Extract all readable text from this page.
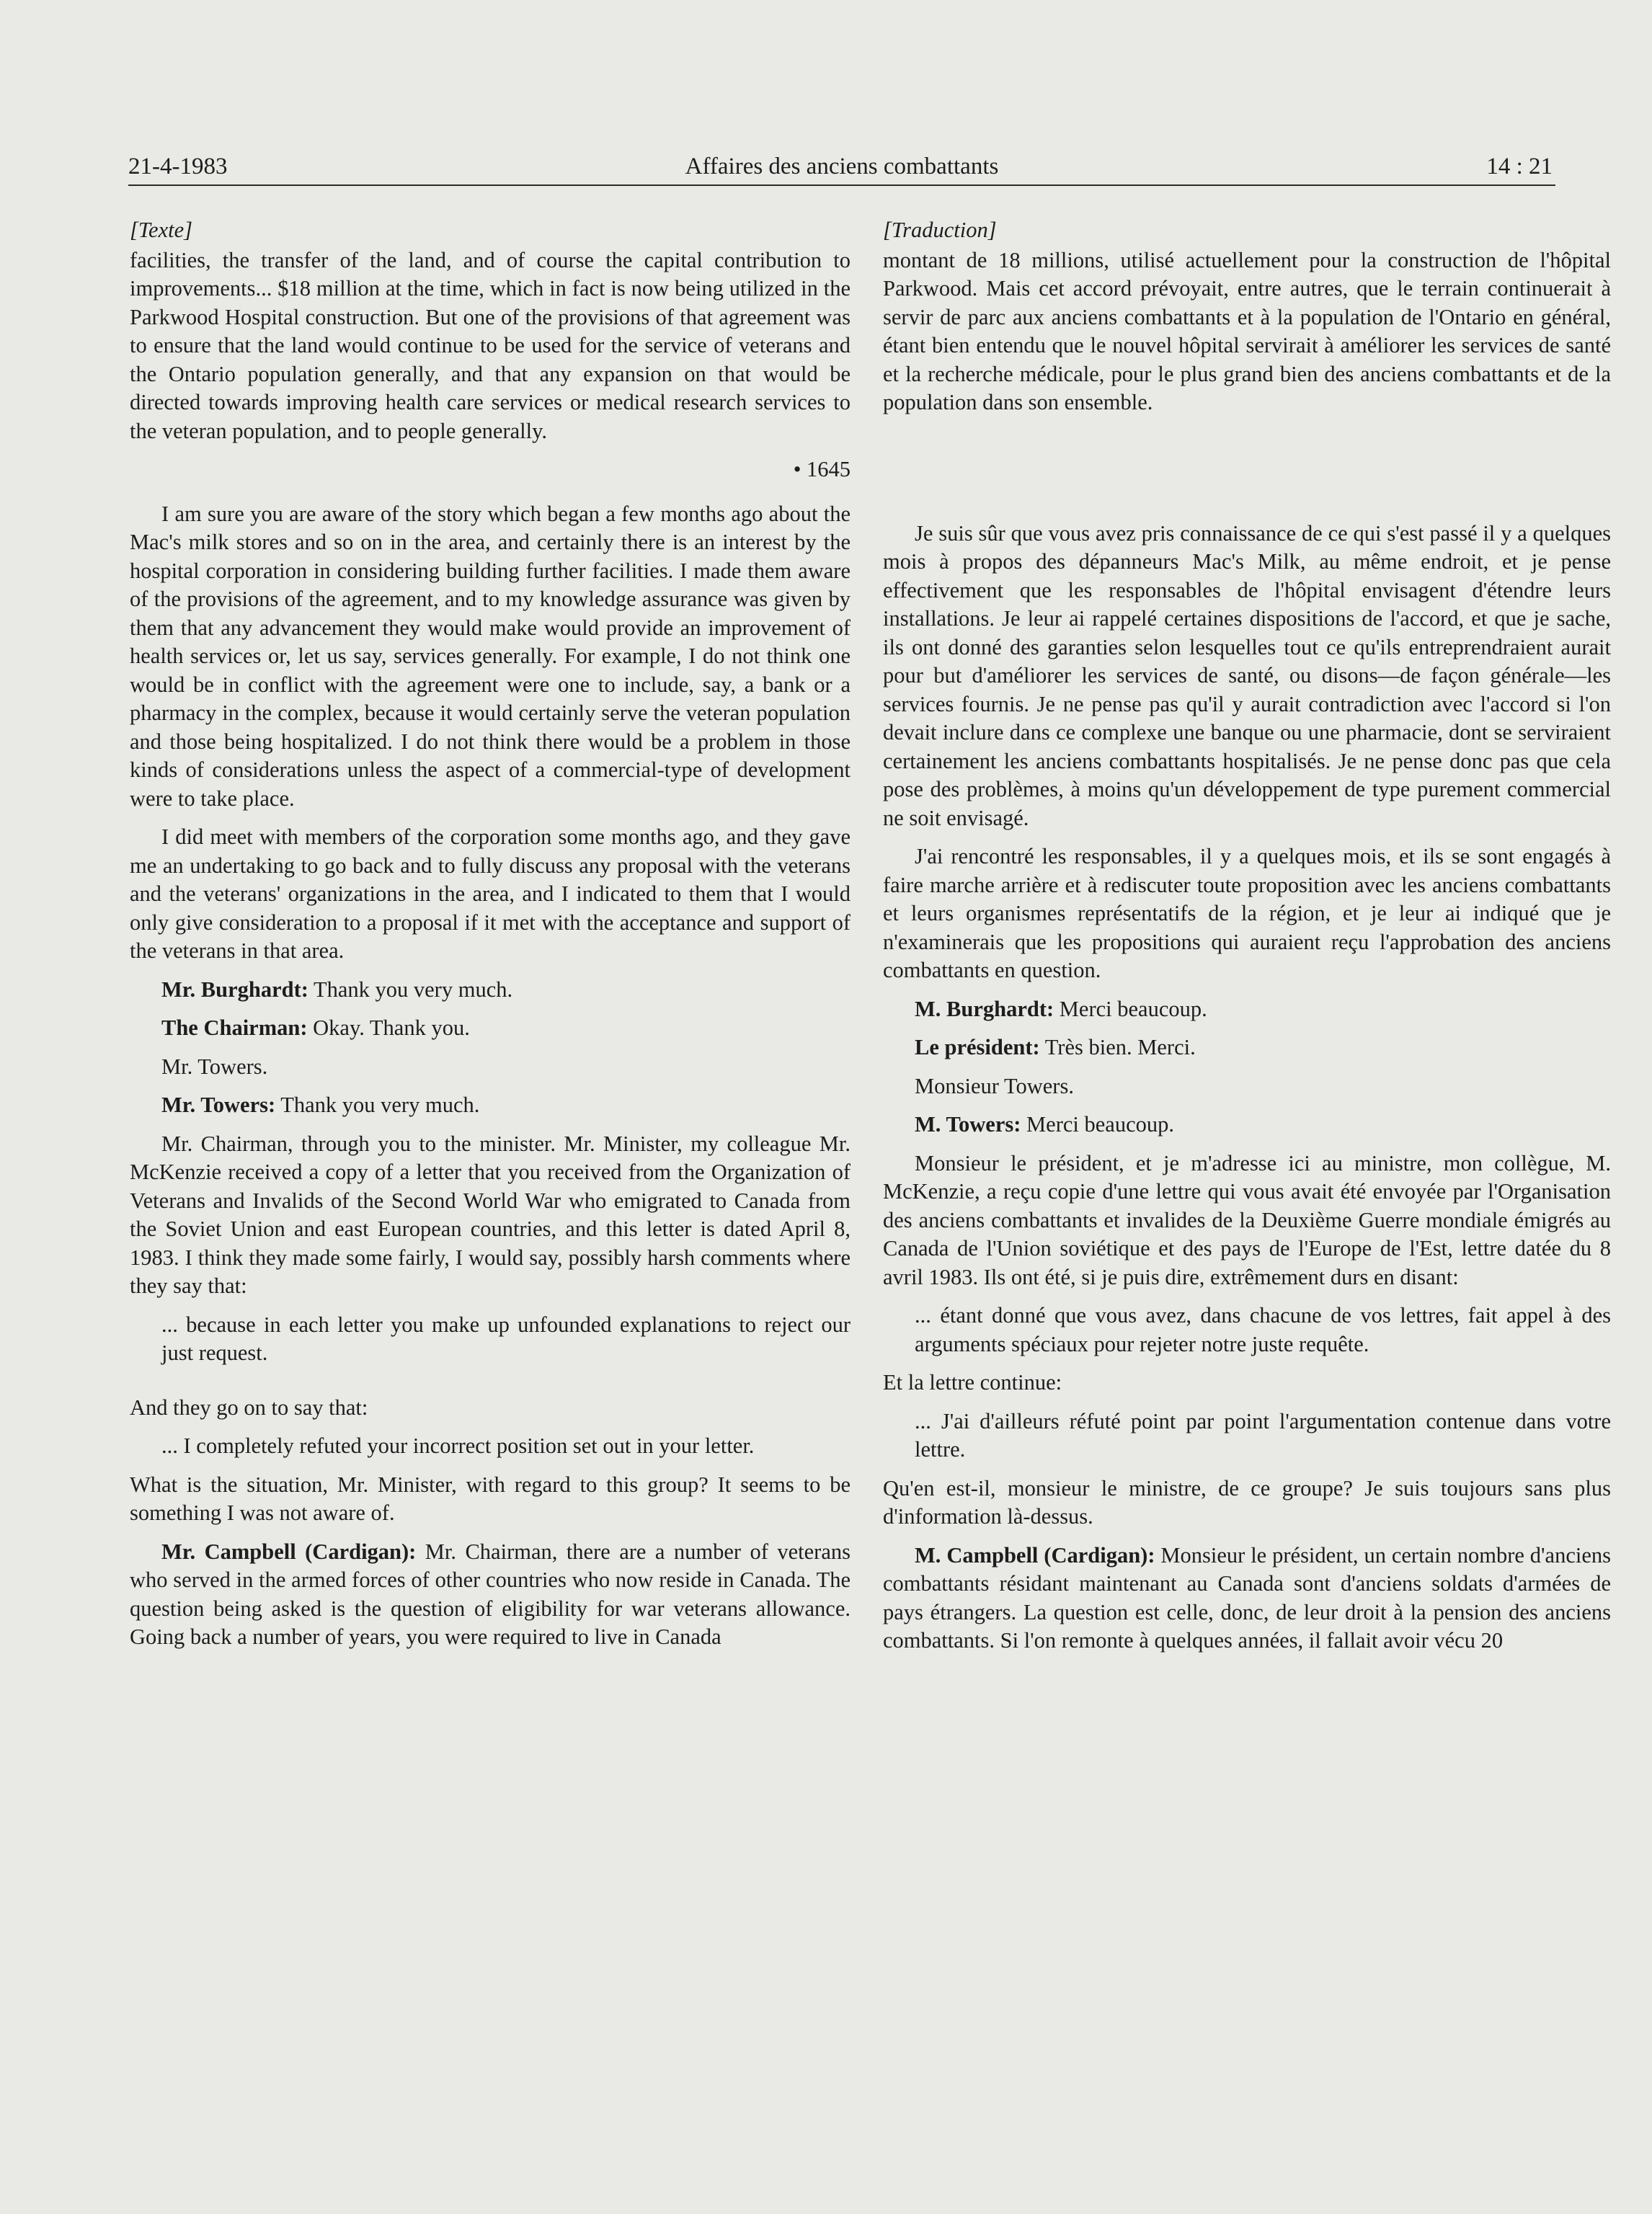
21-4-1983	Affaires des anciens combattants	14 : 21
[Texte]

facilities, the transfer of the land, and of course the capital contribution to improvements... $18 million at the time, which in fact is now being utilized in the Parkwood Hospital construction. But one of the provisions of that agreement was to ensure that the land would continue to be used for the service of veterans and the Ontario population generally, and that any expansion on that would be directed towards improving health care services or medical research services to the veteran population, and to people generally.

• 1645

I am sure you are aware of the story which began a few months ago about the Mac's milk stores and so on in the area, and certainly there is an interest by the hospital corporation in considering building further facilities. I made them aware of the provisions of the agreement, and to my knowledge assurance was given by them that any advancement they would make would provide an improvement of health services or, let us say, services generally. For example, I do not think one would be in conflict with the agreement were one to include, say, a bank or a pharmacy in the complex, because it would certainly serve the veteran population and those being hospitalized. I do not think there would be a problem in those kinds of considerations unless the aspect of a commercial-type of development were to take place.

I did meet with members of the corporation some months ago, and they gave me an undertaking to go back and to fully discuss any proposal with the veterans and the veterans' organizations in the area, and I indicated to them that I would only give consideration to a proposal if it met with the acceptance and support of the veterans in that area.

Mr. Burghardt: Thank you very much.

The Chairman: Okay. Thank you.

Mr. Towers.

Mr. Towers: Thank you very much.

Mr. Chairman, through you to the minister. Mr. Minister, my colleague Mr. McKenzie received a copy of a letter that you received from the Organization of Veterans and Invalids of the Second World War who emigrated to Canada from the Soviet Union and east European countries, and this letter is dated April 8, 1983. I think they made some fairly, I would say, possibly harsh comments where they say that:

... because in each letter you make up unfounded explanations to reject our just request.

And they go on to say that:

... I completely refuted your incorrect position set out in your letter.

What is the situation, Mr. Minister, with regard to this group? It seems to be something I was not aware of.

Mr. Campbell (Cardigan): Mr. Chairman, there are a number of veterans who served in the armed forces of other countries who now reside in Canada. The question being asked is the question of eligibility for war veterans allowance. Going back a number of years, you were required to live in Canada

[Traduction]

montant de 18 millions, utilisé actuellement pour la construction de l'hôpital Parkwood. Mais cet accord prévoyait, entre autres, que le terrain continuerait à servir de parc aux anciens combattants et à la population de l'Ontario en général, étant bien entendu que le nouvel hôpital servirait à améliorer les services de santé et la recherche médicale, pour le plus grand bien des anciens combattants et de la population dans son ensemble.

Je suis sûr que vous avez pris connaissance de ce qui s'est passé il y a quelques mois à propos des dépanneurs Mac's Milk, au même endroit, et je pense effectivement que les responsables de l'hôpital envisagent d'étendre leurs installations. Je leur ai rappelé certaines dispositions de l'accord, et que je sache, ils ont donné des garanties selon lesquelles tout ce qu'ils entreprendraient aurait pour but d'améliorer les services de santé, ou disons—de façon générale—les services fournis. Je ne pense pas qu'il y aurait contradiction avec l'accord si l'on devait inclure dans ce complexe une banque ou une pharmacie, dont se serviraient certainement les anciens combattants hospitalisés. Je ne pense donc pas que cela pose des problèmes, à moins qu'un développement de type purement commercial ne soit envisagé.

J'ai rencontré les responsables, il y a quelques mois, et ils se sont engagés à faire marche arrière et à rediscuter toute proposition avec les anciens combattants et leurs organismes représentatifs de la région, et je leur ai indiqué que je n'examinerais que les propositions qui auraient reçu l'approbation des anciens combattants en question.

M. Burghardt: Merci beaucoup.

Le président: Très bien. Merci.

Monsieur Towers.

M. Towers: Merci beaucoup.

Monsieur le président, et je m'adresse ici au ministre, mon collègue, M. McKenzie, a reçu copie d'une lettre qui vous avait été envoyée par l'Organisation des anciens combattants et invalides de la Deuxième Guerre mondiale émigrés au Canada de l'Union soviétique et des pays de l'Europe de l'Est, lettre datée du 8 avril 1983. Ils ont été, si je puis dire, extrêmement durs en disant:

... étant donné que vous avez, dans chacune de vos lettres, fait appel à des arguments spéciaux pour rejeter notre juste requête.

Et la lettre continue:

... J'ai d'ailleurs réfuté point par point l'argumentation contenue dans votre lettre.

Qu'en est-il, monsieur le ministre, de ce groupe? Je suis toujours sans plus d'information là-dessus.

M. Campbell (Cardigan): Monsieur le président, un certain nombre d'anciens combattants résidant maintenant au Canada sont d'anciens soldats d'armées de pays étrangers. La question est celle, donc, de leur droit à la pension des anciens combattants. Si l'on remonte à quelques années, il fallait avoir vécu 20
